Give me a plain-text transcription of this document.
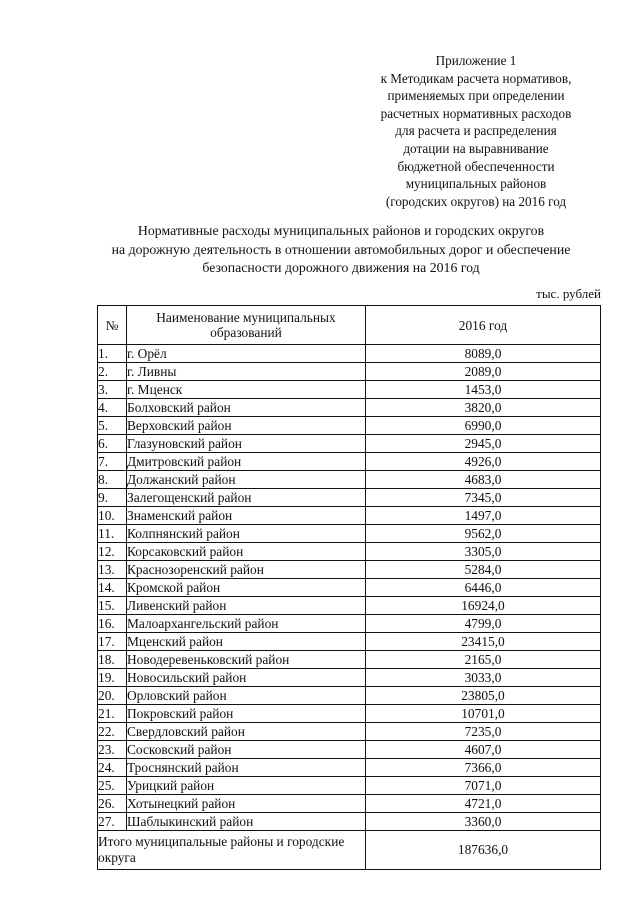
Приложение 1
к Методикам расчета нормативов,
применяемых при определении
расчетных нормативных расходов
для расчета и распределения
дотации на выравнивание
бюджетной обеспеченности
муниципальных районов
(городских округов) на 2016 год
Нормативные расходы муниципальных районов и городских округов
на дорожную деятельность в отношении автомобильных дорог и обеспечение
безопасности дорожного движения на 2016 год
тыс. рублей
№	Наименование муниципальных образований	2016 год
1.	г. Орёл	8089,0
2.	г. Ливны	2089,0
3.	г. Мценск	1453,0
4.	Болховский район	3820,0
5.	Верховский район	6990,0
6.	Глазуновский район	2945,0
7.	Дмитровский район	4926,0
8.	Должанский район	4683,0
9.	Залегощенский район	7345,0
10.	Знаменский район	1497,0
11.	Колпнянский район	9562,0
12.	Корсаковский район	3305,0
13.	Краснозоренский район	5284,0
14.	Кромской район	6446,0
15.	Ливенский район	16924,0
16.	Малоархангельский район	4799,0
17.	Мценский район	23415,0
18.	Новодеревеньковский район	2165,0
19.	Новосильский район	3033,0
20.	Орловский район	23805,0
21.	Покровский район	10701,0
22.	Свердловский район	7235,0
23.	Сосковский район	4607,0
24.	Троснянский район	7366,0
25.	Урицкий район	7071,0
26.	Хотынецкий район	4721,0
27.	Шаблыкинский район	3360,0
Итого муниципальные районы и городские округа		187636,0
